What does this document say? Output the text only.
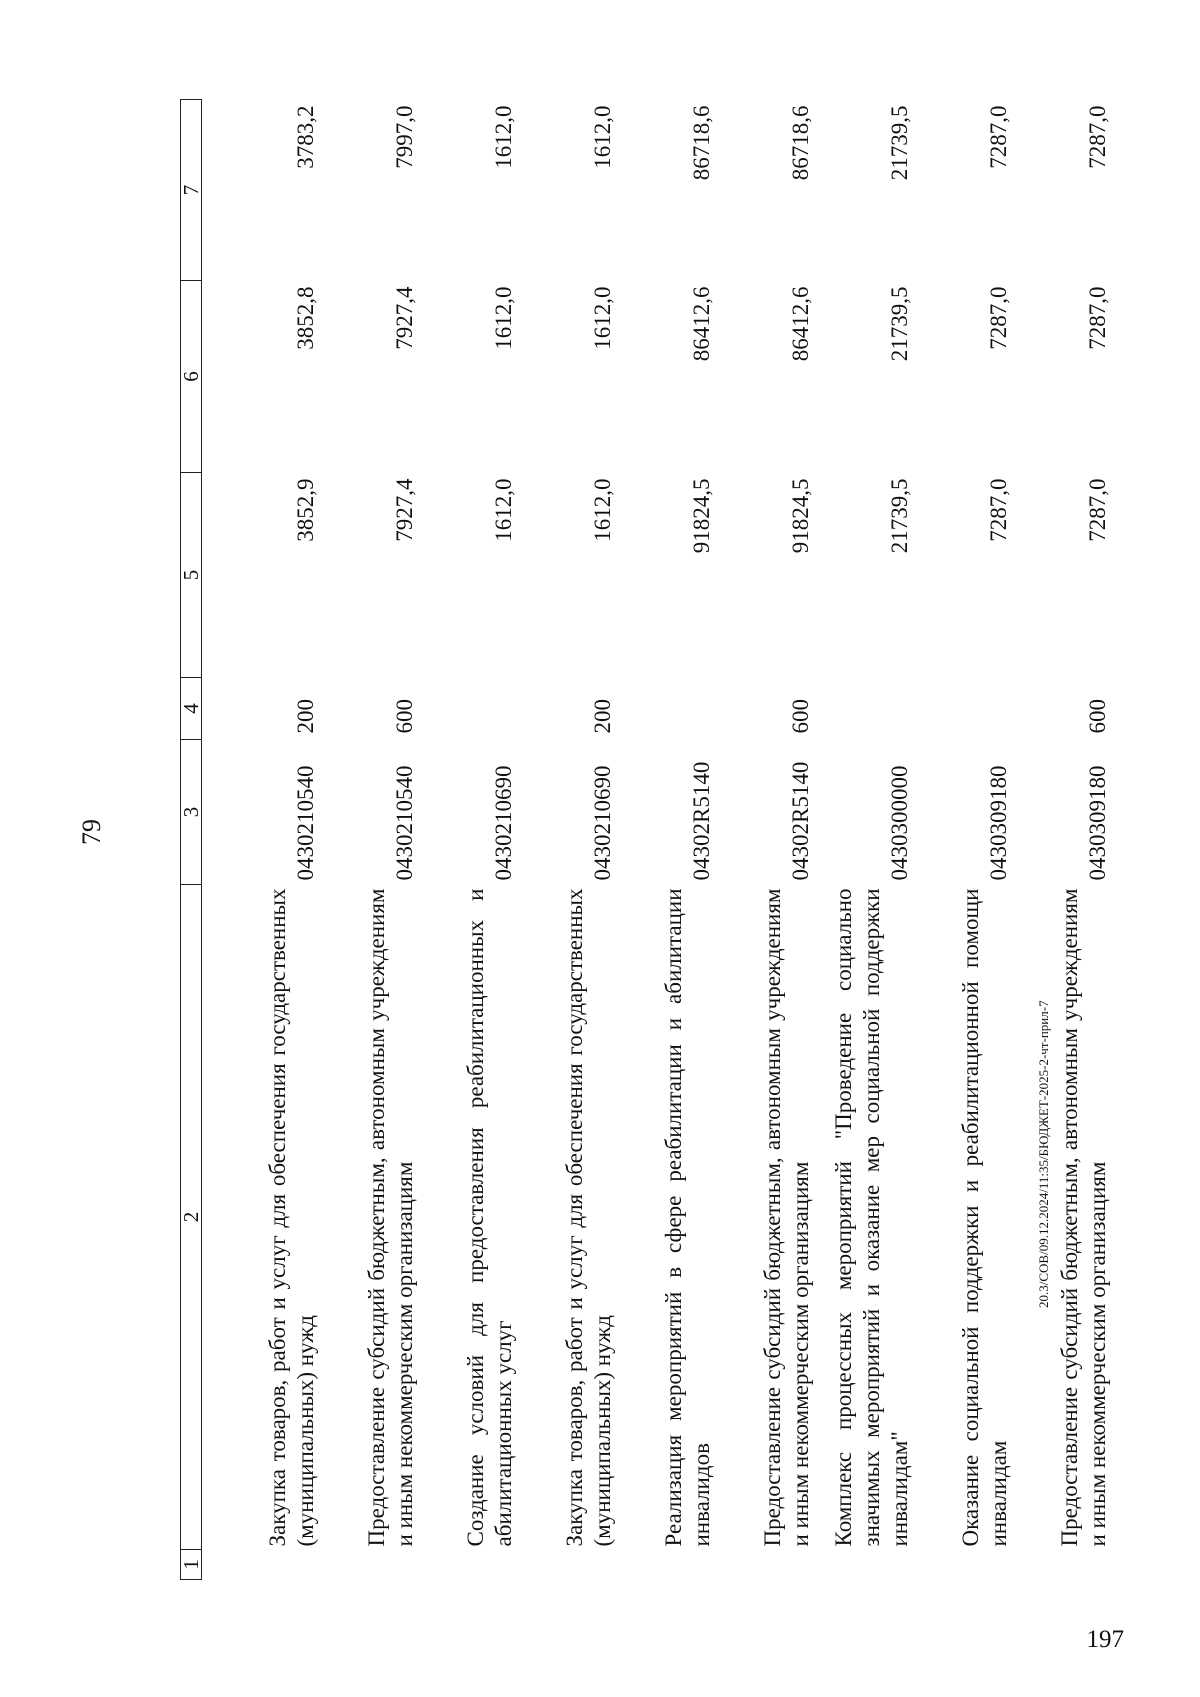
79
1	2	3	4	5	6	7
	Закупка товаров, работ и услуг для обеспечения государственных (муниципальных) нужд	0430210540	200	3852,9	3852,8	3783,2
	Предоставление субсидий бюджетным, автономным учреждениям и иным некоммерческим организациям	0430210540	600	7927,4	7927,4	7997,0
	Создание условий для предоставления реабилитационных и абилитационных услуг	0430210690		1612,0	1612,0	1612,0
	Закупка товаров, работ и услуг для обеспечения государственных (муниципальных) нужд	0430210690	200	1612,0	1612,0	1612,0
	Реализация мероприятий в сфере реабилитации и абилитации инвалидов	04302R5140		91824,5	86412,6	86718,6
	Предоставление субсидий бюджетным, автономным учреждениям и иным некоммерческим организациям	04302R5140	600	91824,5	86412,6	86718,6
	Комплекс процессных мероприятий "Проведение социально значимых мероприятий и оказание мер социальной поддержки инвалидам"	0430300000		21739,5	21739,5	21739,5
	Оказание социальной поддержки и реабилитационной помощи инвалидам	0430309180		7287,0	7287,0	7287,0
	Предоставление субсидий бюджетным, автономным учреждениям и иным некоммерческим организациям	0430309180	600	7287,0	7287,0	7287,0
20.3/СОВ/09.12.2024/11:35/БЮДЖЕТ-2025-2-чт-прил-7
197
